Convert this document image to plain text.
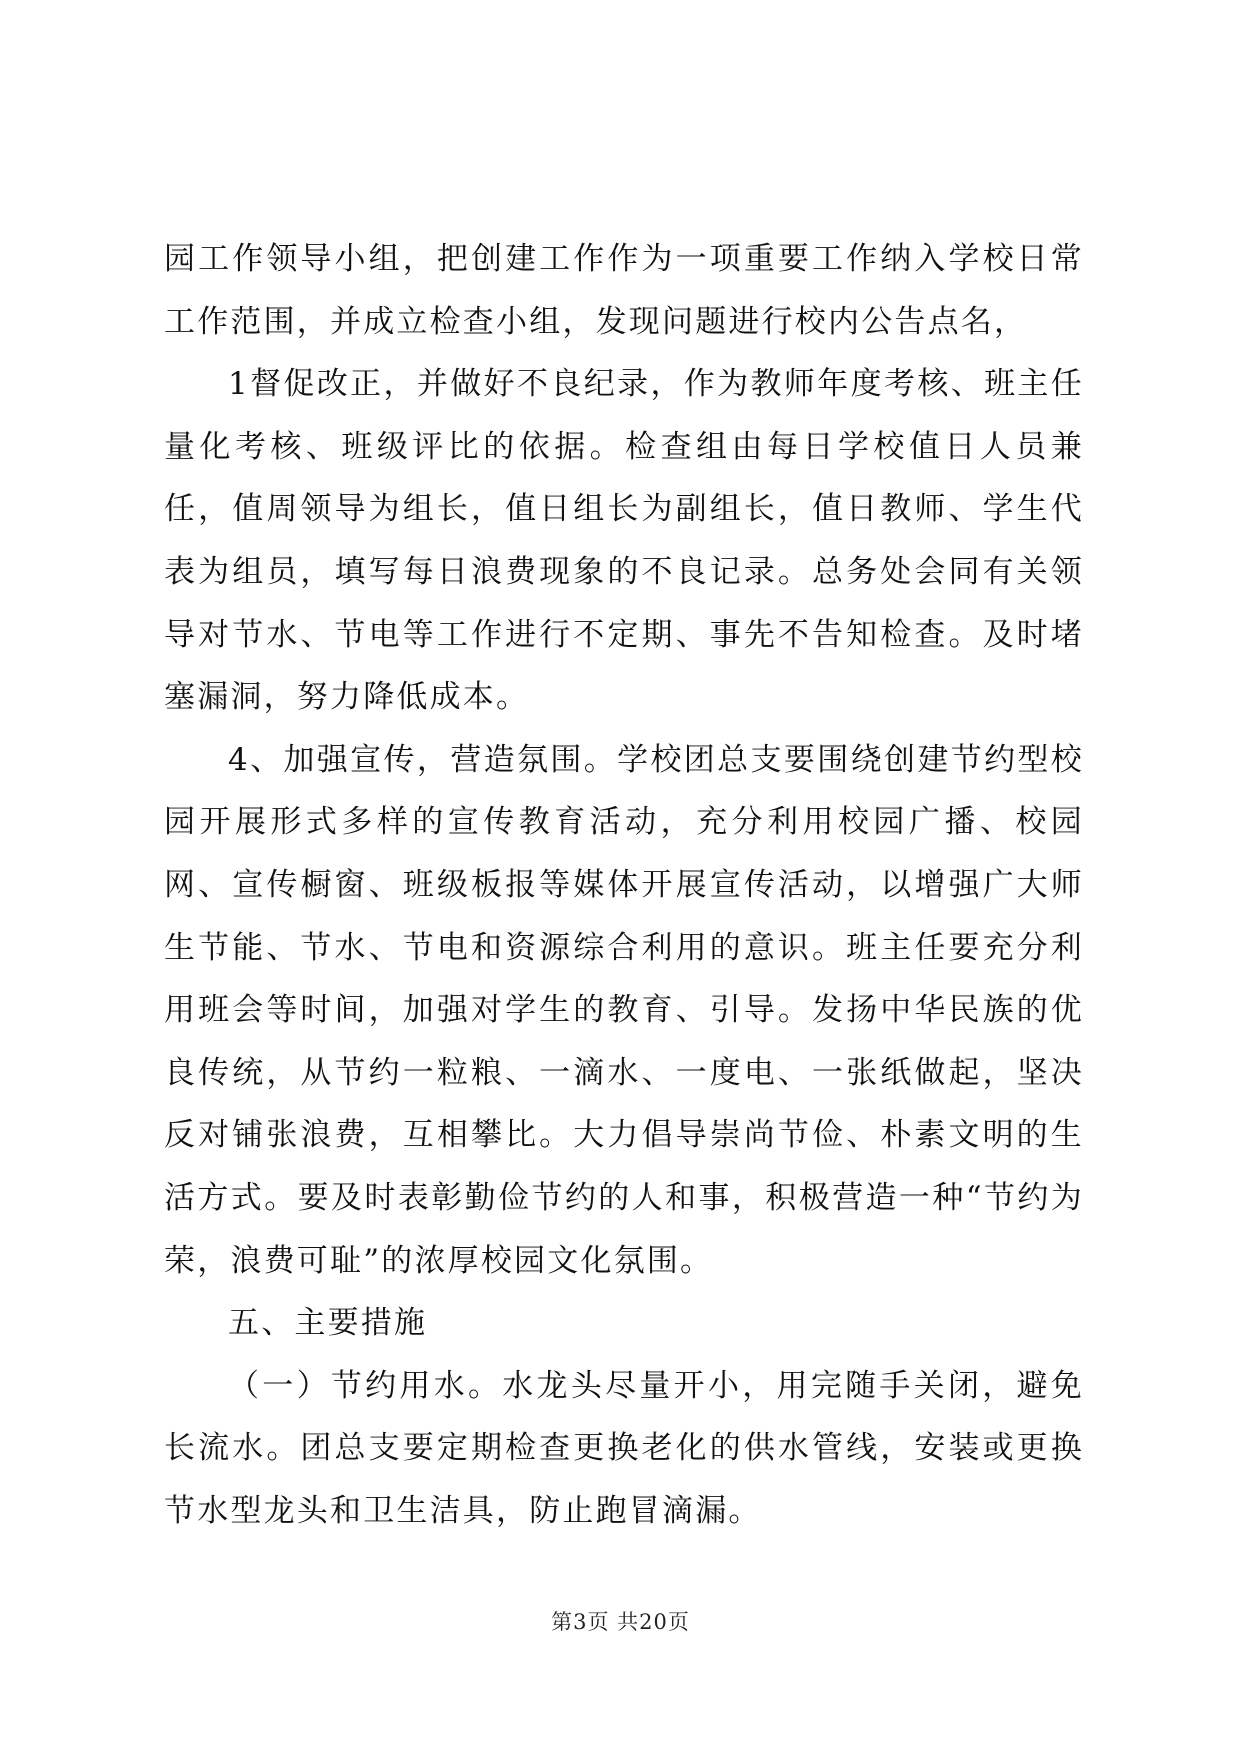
园工作领导小组，把创建工作作为一项重要工作纳入学校日常工作范围，并成立检查小组，发现问题进行校内公告点名，

1督促改正，并做好不良纪录，作为教师年度考核、班主任量化考核、班级评比的依据。检查组由每日学校值日人员兼任，值周领导为组长，值日组长为副组长，值日教师、学生代表为组员，填写每日浪费现象的不良记录。总务处会同有关领导对节水、节电等工作进行不定期、事先不告知检查。及时堵塞漏洞，努力降低成本。

4、加强宣传，营造氛围。学校团总支要围绕创建节约型校园开展形式多样的宣传教育活动，充分利用校园广播、校园网、宣传橱窗、班级板报等媒体开展宣传活动，以增强广大师生节能、节水、节电和资源综合利用的意识。班主任要充分利用班会等时间，加强对学生的教育、引导。发扬中华民族的优良传统，从节约一粒粮、一滴水、一度电、一张纸做起，坚决反对铺张浪费，互相攀比。大力倡导崇尚节俭、朴素文明的生活方式。要及时表彰勤俭节约的人和事，积极营造一种“节约为荣，浪费可耻”的浓厚校园文化氛围。

五、主要措施

（一）节约用水。水龙头尽量开小，用完随手关闭，避免长流水。团总支要定期检查更换老化的供水管线，安装或更换节水型龙头和卫生洁具，防止跑冒滴漏。

第3页 共20页
